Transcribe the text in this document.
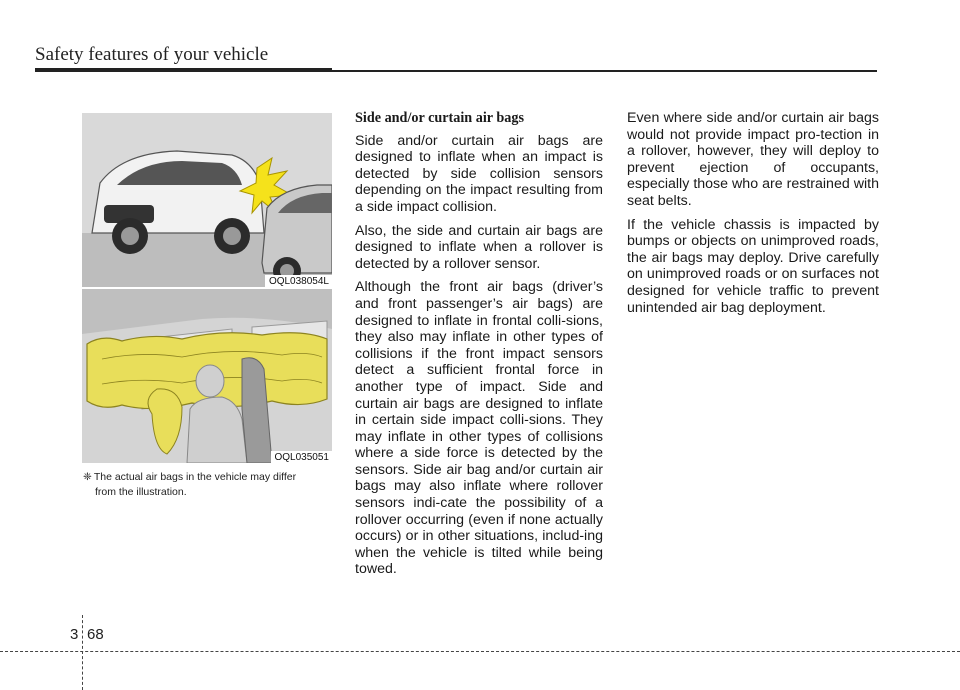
Safety features of your vehicle
OQL038054L
OQL035051
❈ The actual air bags in the vehicle may differ
from the illustration.
Side and/or curtain air bags

Side and/or curtain air bags are designed to inflate when an impact is detected by side collision sensors depending on the impact resulting from a side impact collision.

Also, the side and curtain air bags are designed to inflate when a rollover is detected by a rollover sensor.

Although the front air bags (driver’s and front passenger’s air bags) are designed to inflate in frontal colli-sions, they also may inflate in other types of collisions if the front impact sensors detect a sufficient frontal force in another type of impact. Side and curtain air bags are designed to inflate in certain side impact colli-sions. They may inflate in other types of collisions where a side force is detected by the sensors. Side air bag and/or curtain air bags may also inflate where rollover sensors indi-cate the possibility of a rollover occurring (even if none actually occurs) or in other situations, includ-ing when the vehicle is tilted while being towed.

Even where side and/or curtain air bags would not provide impact pro-tection in a rollover, however, they will deploy to prevent ejection of occupants, especially those who are restrained with seat belts.

If the vehicle chassis is impacted by bumps or objects on unimproved roads, the air bags may deploy. Drive carefully on unimproved roads or on surfaces not designed for vehicle traffic to prevent unintended air bag deployment.

3 68
